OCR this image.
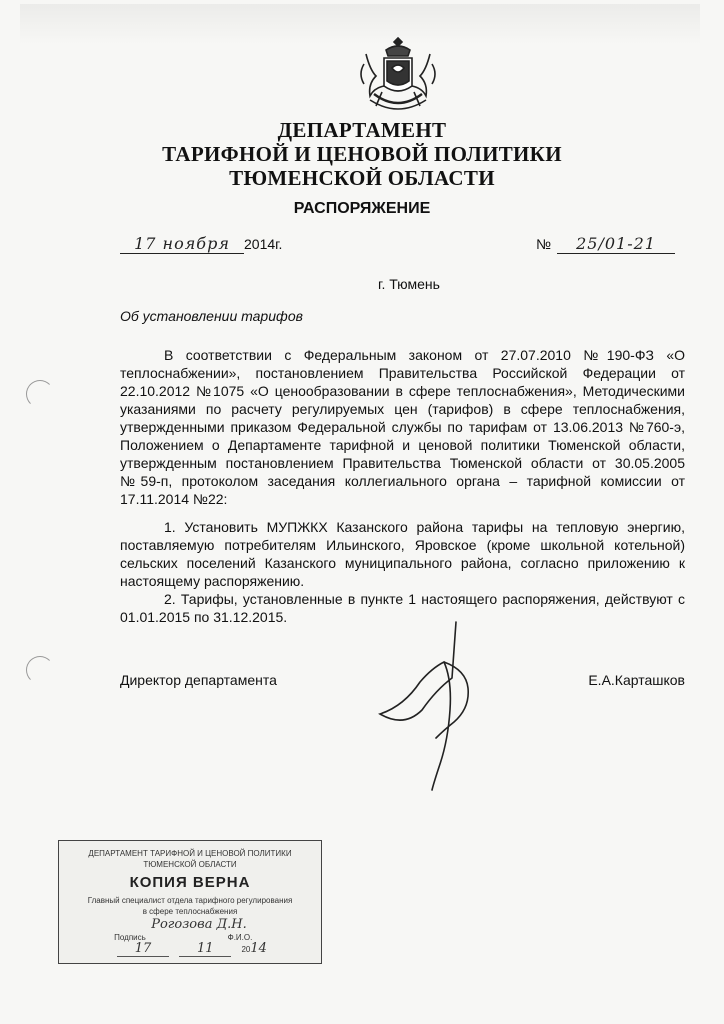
ДЕПАРТАМЕНТ
ТАРИФНОЙ И ЦЕНОВОЙ ПОЛИТИКИ
ТЮМЕНСКОЙ ОБЛАСТИ
РАСПОРЯЖЕНИЕ
17 ноября 2014г.	№ 25/01-21
г. Тюмень
Об установлении тарифов

В соответствии с Федеральным законом от 27.07.2010 №190-ФЗ «О теплоснабжении», постановлением Правительства Российской Федерации от 22.10.2012 №1075 «О ценообразовании в сфере теплоснабжения», Методическими указаниями по расчету регулируемых цен (тарифов) в сфере теплоснабжения, утвержденными приказом Федеральной службы по тарифам от 13.06.2013 №760-э, Положением о Департаменте тарифной и ценовой политики Тюменской области, утвержденным постановлением Правительства Тюменской области от 30.05.2005 №59-п, протоколом заседания коллегиального органа – тарифной комиссии от 17.11.2014 №22:

1. Установить МУПЖКХ Казанского района тарифы на тепловую энергию, поставляемую потребителям Ильинского, Яровское (кроме школьной котельной) сельских поселений Казанского муниципального района, согласно приложению к настоящему распоряжению.

2. Тарифы, установленные в пункте 1 настоящего распоряжения, действуют с 01.01.2015 по 31.12.2015.

Директор департамента	Е.А.Карташков
ДЕПАРТАМЕНТ ТАРИФНОЙ И ЦЕНОВОЙ ПОЛИТИКИ
ТЮМЕНСКОЙ ОБЛАСТИ
КОПИЯ ВЕРНА
Главный специалист отдела тарифного регулирования
в сфере теплоснабжения
Рогозова Д.Н.
Подпись	Ф.И.О.
17	11	2014
